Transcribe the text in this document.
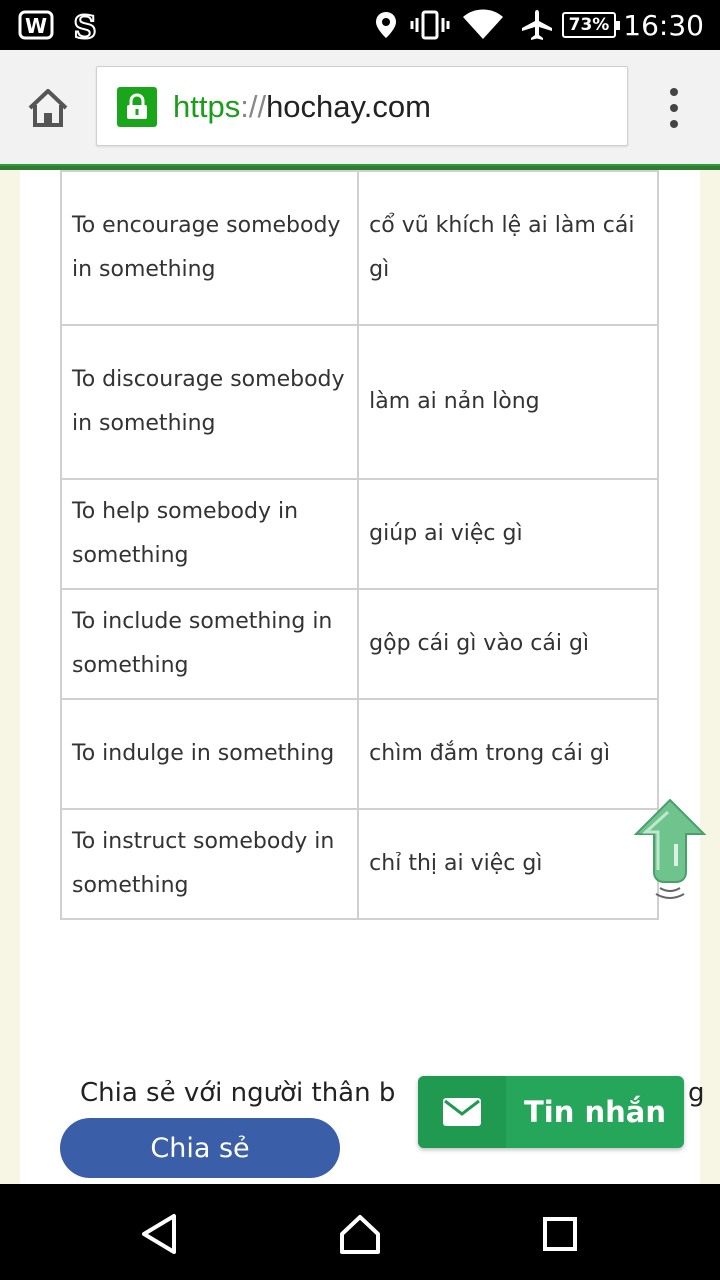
W S	73% 16:30
https :// hochay.com

To encourage somebody in something	cổ vũ khích lệ ai làm cái gì
To discourage somebody in something	làm ai nản lòng
To help somebody in something	giúp ai việc gì
To include something in something	gộp cái gì vào cái gì
To indulge in something	chìm đắm trong cái gì
To instruct somebody in something	chỉ thị ai việc gì
Chia sẻ với người thân b	g
Chia sẻ
Tin nhắn
